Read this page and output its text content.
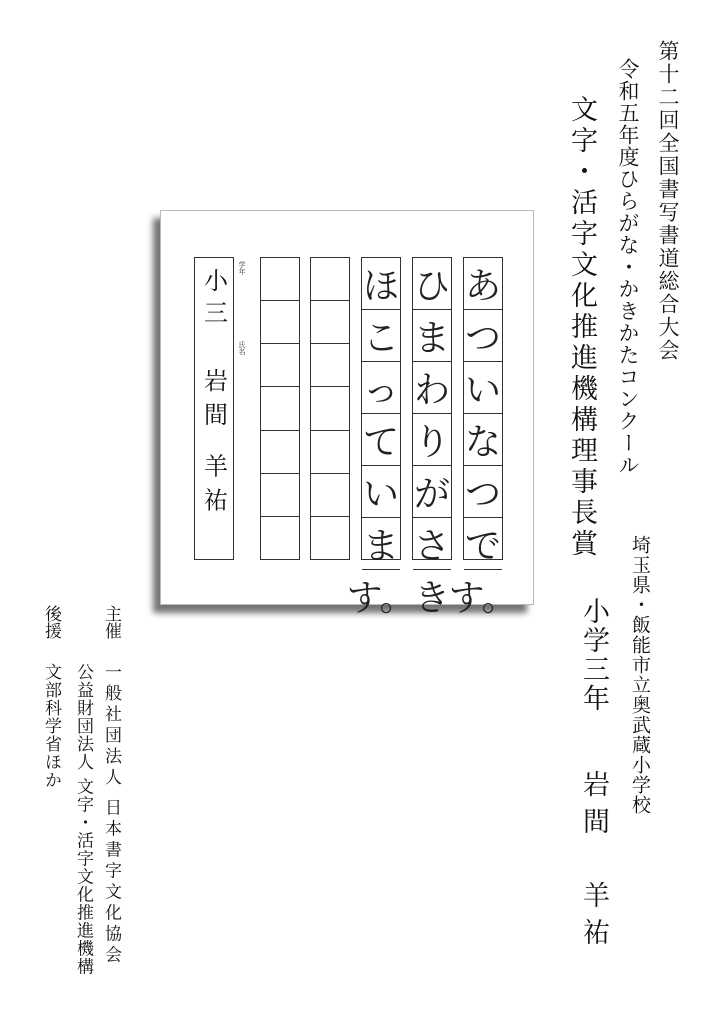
第十二回全国書写書道総合大会
令和五年度ひらがな・かきかたコンクール
文字・活字文化推進機構理事長賞
学年
氏名
小三
岩間 羊祐
あ
つ
い
な
つ
で
す。
ひ
ま
わ
り
が
さ
き
ほ
こ
っ
て
い
ま
す。	埼玉県・飯能市立奥武蔵小学校
小学三年
岩間　羊祐
主催
一般社団法人 日本書字文化協会
公益財団法人 文字・活字文化推進機構
後援
文部科学省ほか
